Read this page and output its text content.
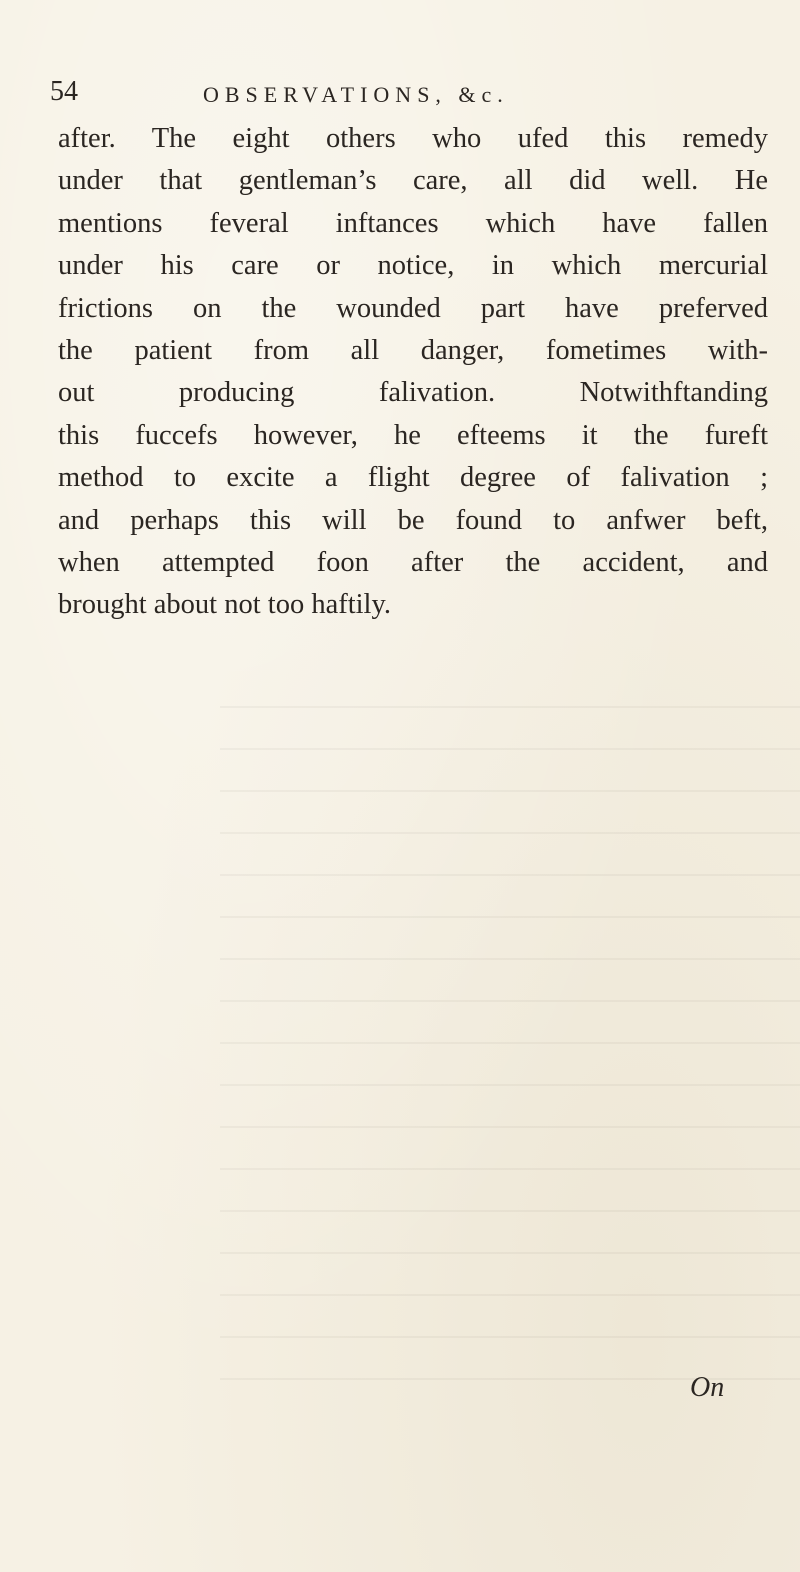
54	OBSERVATIONS, &c.
after. The eight others who ufed this remedy
under that gentleman’s care, all did well. He
mentions feveral inftances which have fallen
under his care or notice, in which mercurial
frictions on the wounded part have preferved
the patient from all danger, fometimes with-
out producing falivation. Notwithftanding
this fuccefs however, he efteems it the fureft
method to excite a flight degree of falivation ;
and perhaps this will be found to anfwer beft,
when attempted foon after the accident, and
brought about not too haftily.
On
